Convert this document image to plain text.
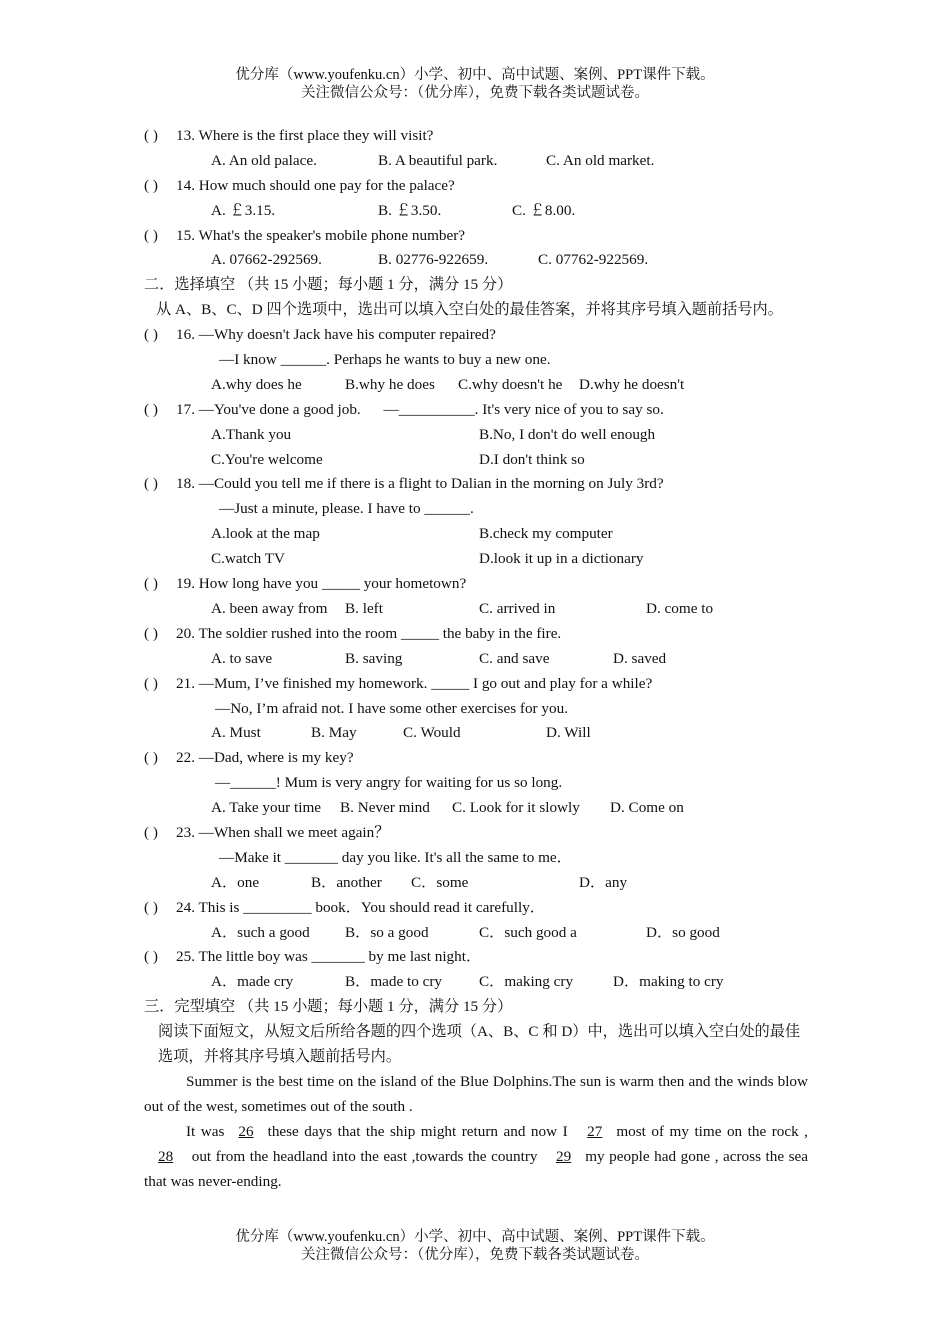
优分库（www.youfenku.cn）小学、初中、高中试题、案例、PPT课件下载。
关注微信公众号：（优分库），免费下载各类试题试卷。
( ) 13. Where is the first place they will visit?
A. An old palace.	B. A beautiful park.	C. An old market.
( ) 14. How much should one pay for the palace?
A. ￡3.15.	B. ￡3.50.	C. ￡8.00.
( ) 15. What's the speaker's mobile phone number?
A. 07662-292569.	B. 02776-922659.	C. 07762-922569.
二．选择填空 （共 15 小题；每小题 1 分，满分 15 分）
从 A、B、C、D 四个选项中，选出可以填入空白处的最佳答案，并将其序号填入题前括号内。
( ) 16. —Why doesn't Jack have his computer repaired?
—I know ______. Perhaps he wants to buy a new one.
A.why does he	B.why he does C.why doesn't he D.why he doesn't
( ) 17. —You've done a good job.      —__________. It's very nice of you to say so.
A.Thank you	B.No, I don't do well enough
C.You're welcome	D.I don't think so
( ) 18. —Could you tell me if there is a flight to Dalian in the morning on July 3rd?
—Just a minute, please. I have to ______.
A.look at the map	B.check my computer
C.watch TV	D.look it up in a dictionary
( ) 19. How long have you _____ your hometown?
A. been away from B. left	C. arrived in	D. come to
( ) 20. The soldier rushed into the room _____ the baby in the fire.
A. to save	B. saving	C. and save	D. saved
( ) 21. —Mum, I’ve finished my homework. _____ I go out and play for a while?
—No, I’m afraid not. I have some other exercises for you.
A. Must	B. May	C. Would	D. Will
( ) 22. —Dad, where is my key?
—______! Mum is very angry for waiting for us so long.
A. Take your time B. Never mind C. Look for it slowly D. Come on
( ) 23. —When shall we meet again？
—Make it _______ day you like. It's all the same to me．
A．one	B．another C．some	D．any
( ) 24. This is _________ book．You should read it carefully．
A．such a good B．so a good	C．such good a	D．so good
( ) 25. The little boy was _______ by me last night．
A．made cry	B．made to cry C．making cry	D．making to cry
三．完型填空 （共 15 小题；每小题 1 分，满分 15 分）
阅读下面短文，从短文后所给各题的四个选项（A、B、C 和 D）中，选出可以填入空白处的最佳选项，并将其序号填入题前括号内。
Summer is the best time on the island of the Blue Dolphins.The sun is warm then and the winds blow out of the west, sometimes out of the south .
It was 26 these days that the ship might return and now I 27 most of my time on the rock , 28 out from the headland into the east ,towards the country 29 my people had gone , across the sea that was never-ending.
优分库（www.youfenku.cn）小学、初中、高中试题、案例、PPT课件下载。
关注微信公众号：（优分库），免费下载各类试题试卷。
